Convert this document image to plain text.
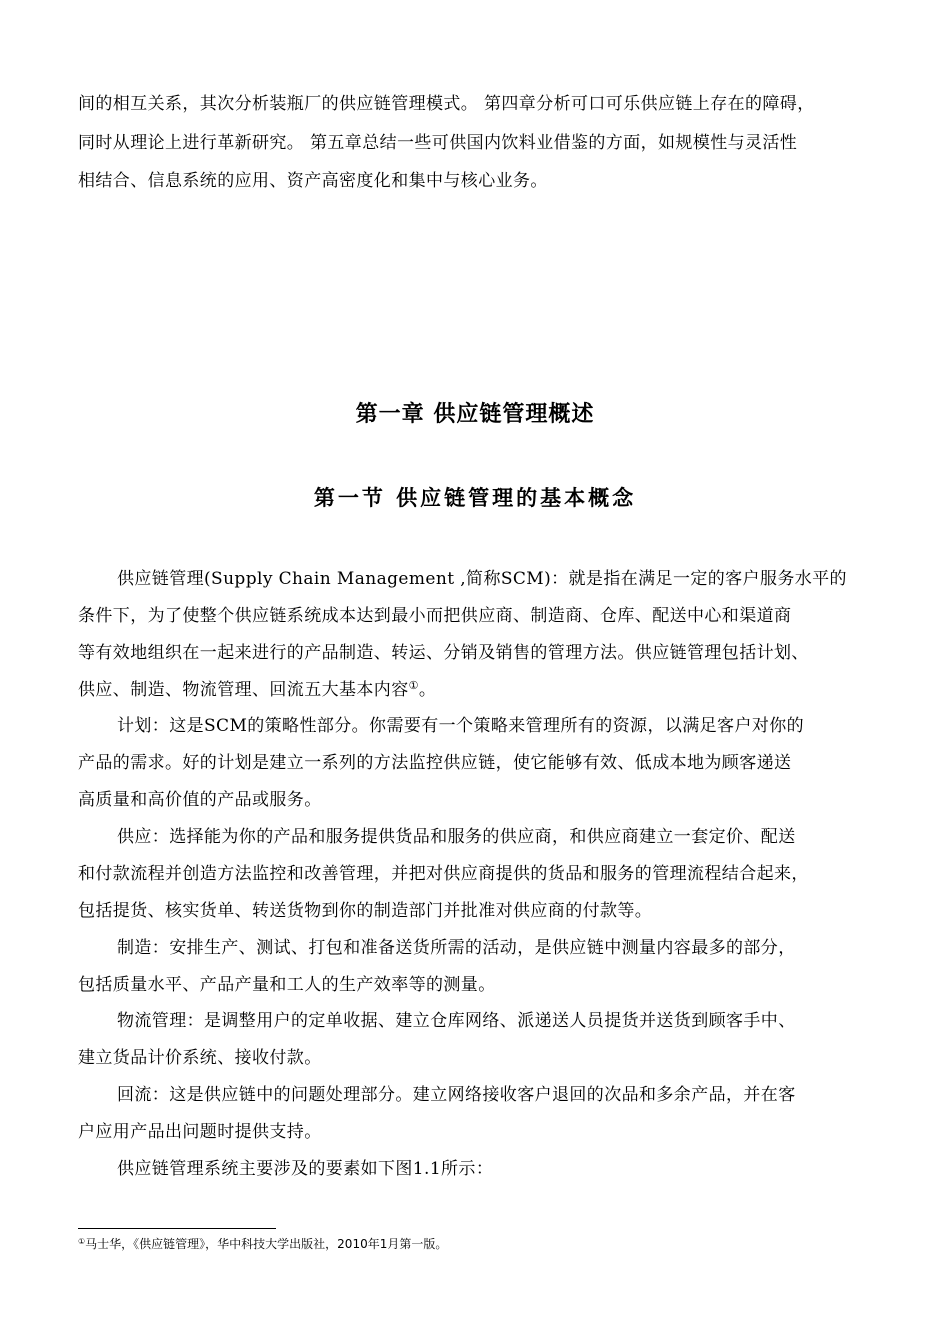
间的相互关系，其次分析装瓶厂的供应链管理模式。 第四章分析可口可乐供应链上存在的障碍，
同时从理论上进行革新研究。 第五章总结一些可供国内饮料业借鉴的方面，如规模性与灵活性
相结合、信息系统的应用、资产高密度化和集中与核心业务。
第一章 供应链管理概述
第一节 供应链管理的基本概念
供应链管理(Supply Chain Management ,简称SCM)：就是指在满足一定的客户服务水平的
条件下，为了使整个供应链系统成本达到最小而把供应商、制造商、仓库、配送中心和渠道商
等有效地组织在一起来进行的产品制造、转运、分销及销售的管理方法。供应链管理包括计划、
供应、制造、物流管理、回流五大基本内容①。
计划：这是SCM的策略性部分。你需要有一个策略来管理所有的资源，以满足客户对你的
产品的需求。好的计划是建立一系列的方法监控供应链，使它能够有效、低成本地为顾客递送
高质量和高价值的产品或服务。
供应：选择能为你的产品和服务提供货品和服务的供应商，和供应商建立一套定价、配送
和付款流程并创造方法监控和改善管理，并把对供应商提供的货品和服务的管理流程结合起来，
包括提货、核实货单、转送货物到你的制造部门并批准对供应商的付款等。
制造：安排生产、测试、打包和准备送货所需的活动，是供应链中测量内容最多的部分，
包括质量水平、产品产量和工人的生产效率等的测量。
物流管理：是调整用户的定单收据、建立仓库网络、派递送人员提货并送货到顾客手中、
建立货品计价系统、接收付款。
回流：这是供应链中的问题处理部分。建立网络接收客户退回的次品和多余产品，并在客
户应用产品出问题时提供支持。
供应链管理系统主要涉及的要素如下图1.1所示：
①马士华，《供应链管理》，华中科技大学出版社，2010年1月第一版。
